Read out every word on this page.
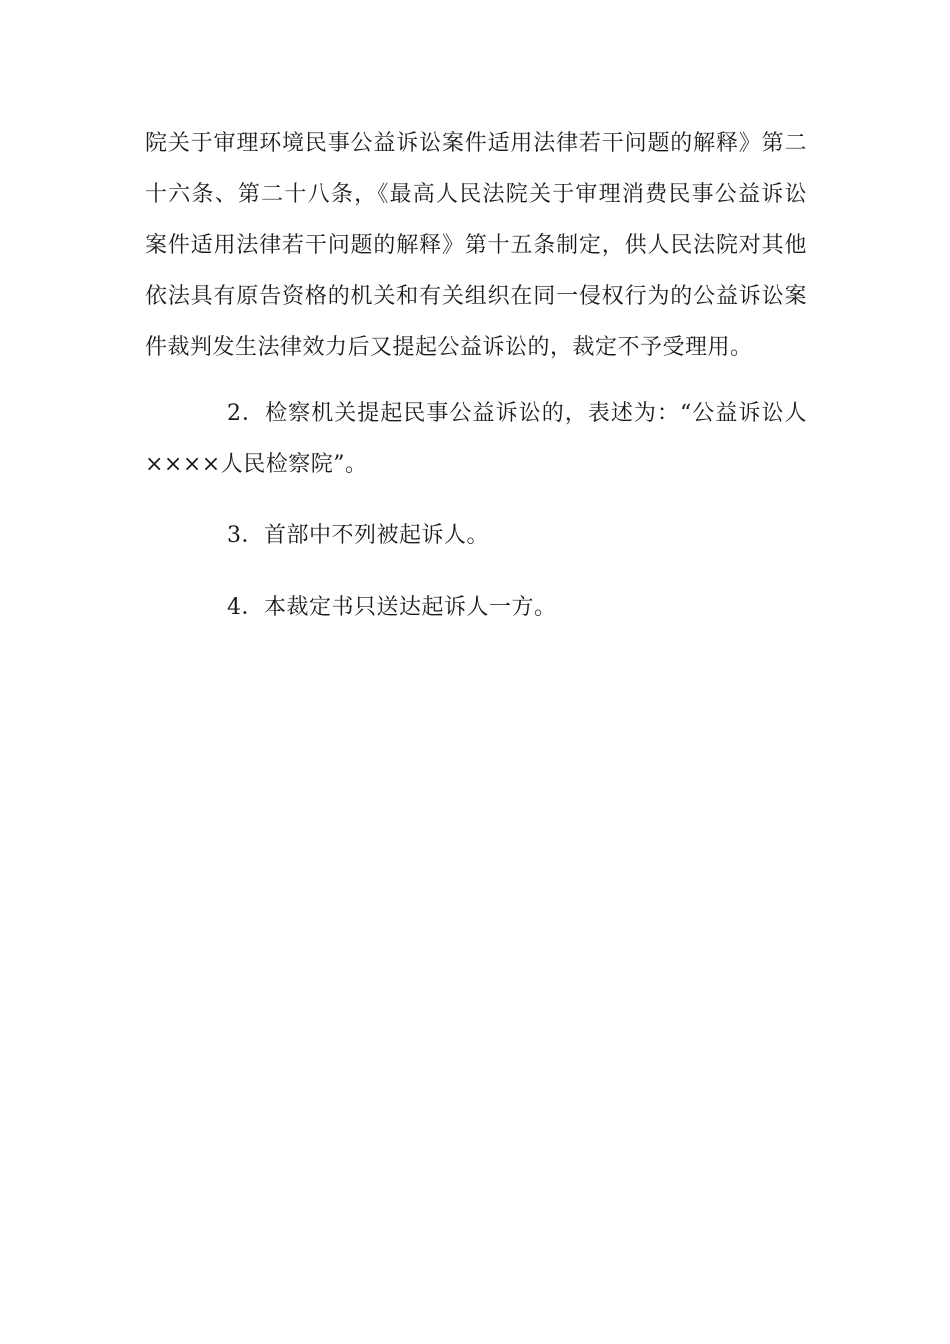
院关于审理环境民事公益诉讼案件适用法律若干问题的解释》第二十六条、第二十八条，《最高人民法院关于审理消费民事公益诉讼案件适用法律若干问题的解释》第十五条制定，供人民法院对其他依法具有原告资格的机关和有关组织在同一侵权行为的公益诉讼案件裁判发生法律效力后又提起公益诉讼的，裁定不予受理用。

2．检察机关提起民事公益诉讼的，表述为：“公益诉讼人××××人民检察院”。

3．首部中不列被起诉人。

4．本裁定书只送达起诉人一方。
